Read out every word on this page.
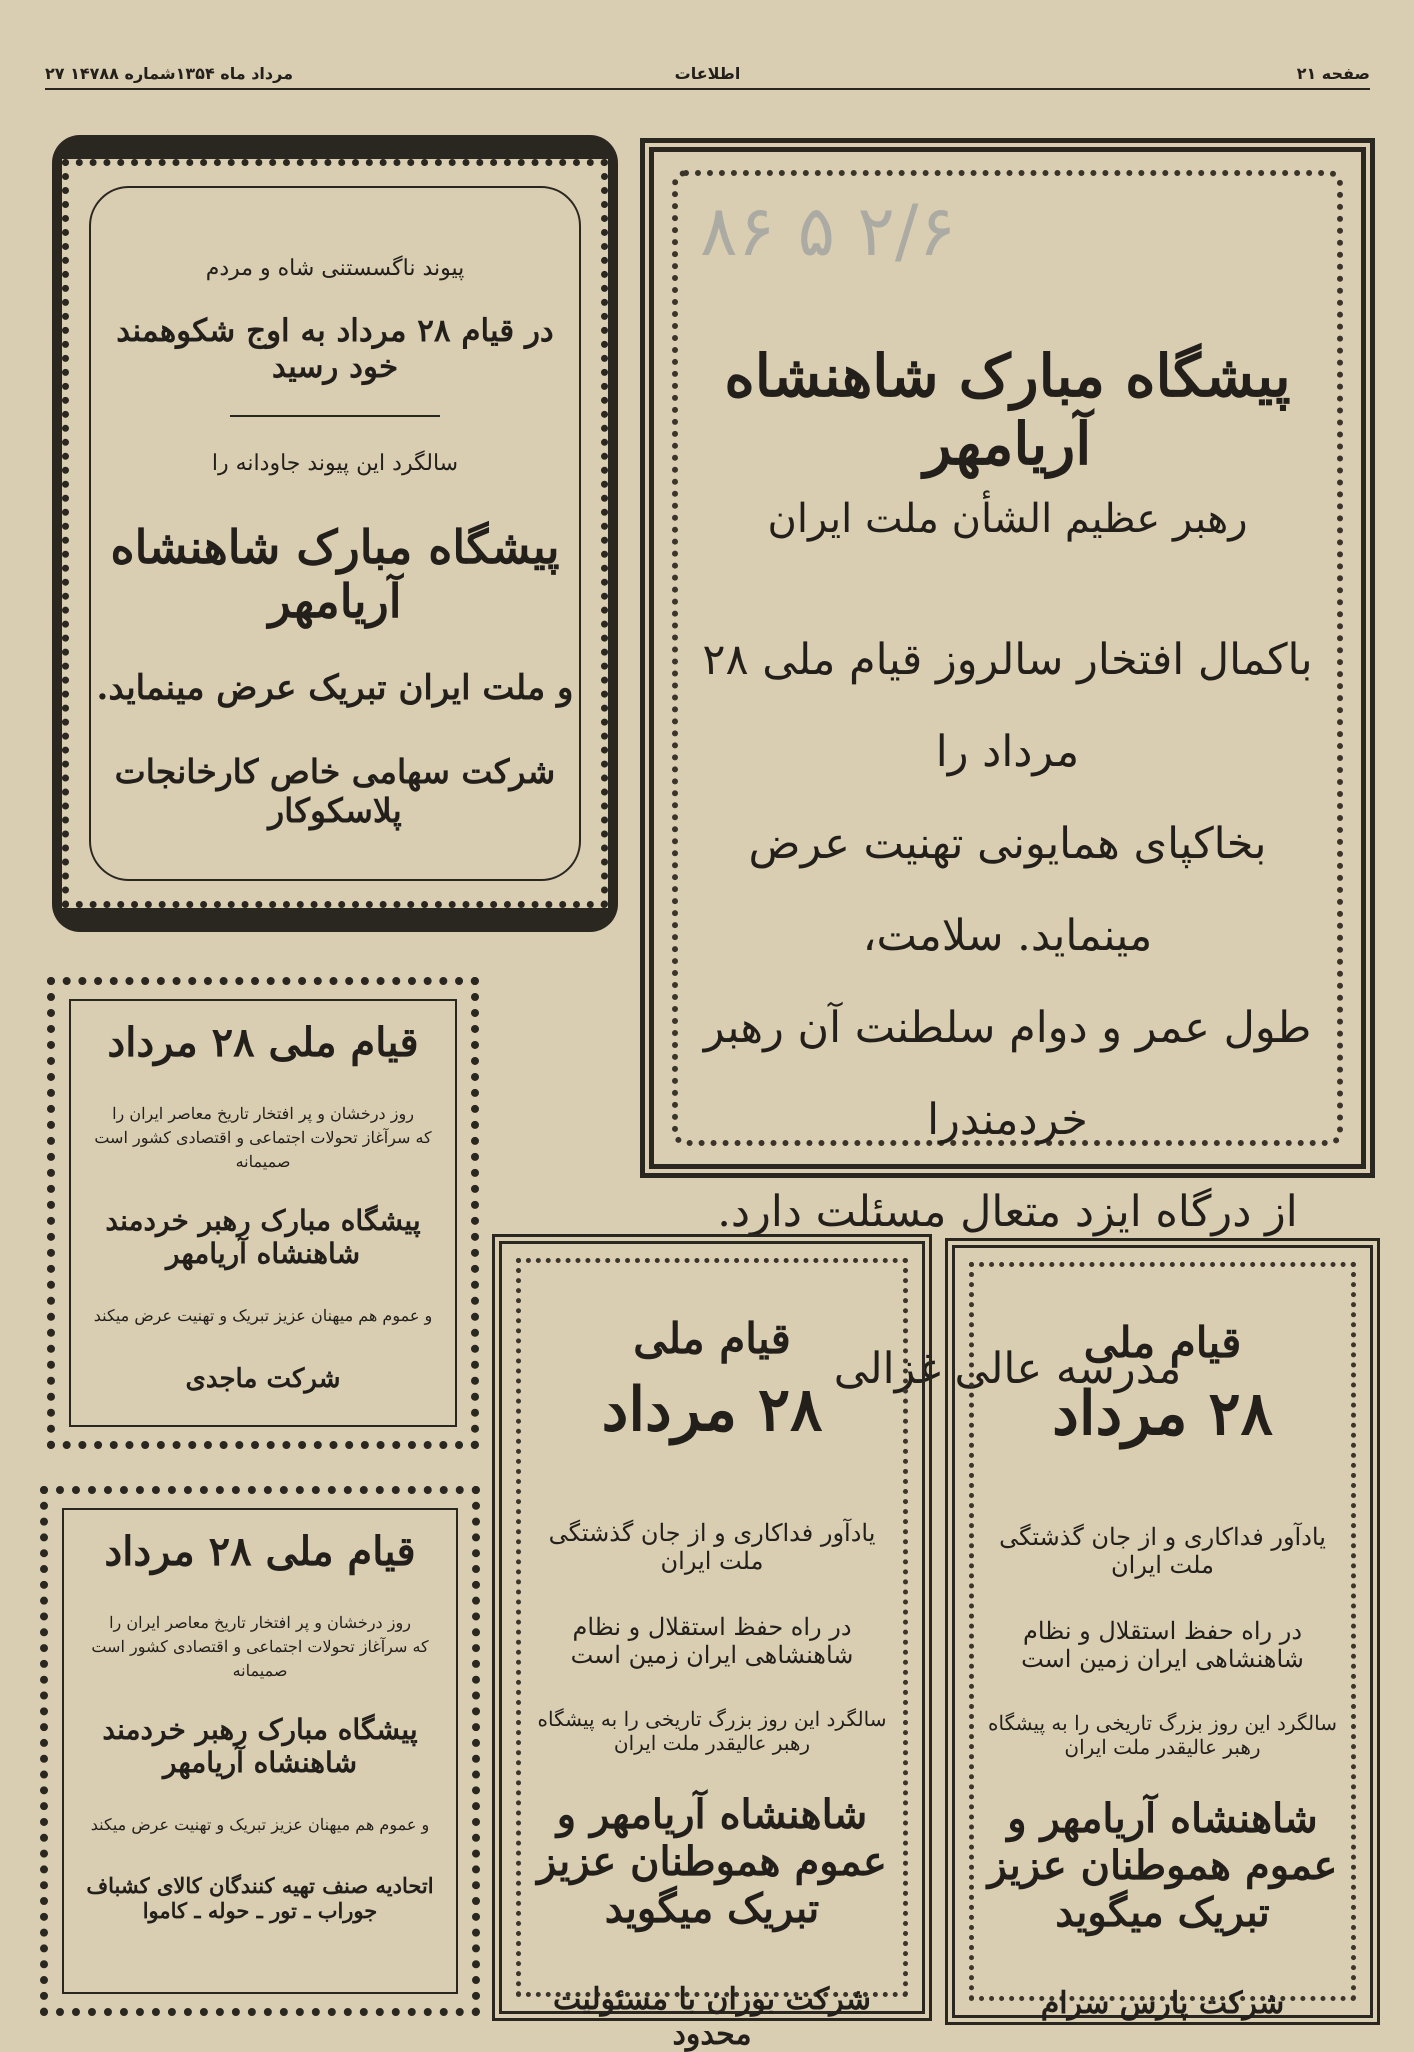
۸۶ ۵ ۲/۶
۲۷ مرداد ماه ۱۳۵۴شماره ۱۴۷۸۸	اطلاعات	صفحه ۲۱

پیشگاه مبارک شاهنشاه آریامهر

رهبر عظیم الشأن ملت ایران

باکمال افتخار سالروز قیام ملی ۲۸ مرداد را

بخاکپای همایونی تهنیت عرض مینماید. سلامت،

طول عمر و دوام سلطنت آن رهبر خردمندرا

از درگاه ایزد متعال مسئلت دارد.

مدرسه عالی غزالی

پیوند ناگسستنی شاه و مردم

در قیام ۲۸ مرداد به اوج شکوهمند خود رسید

سالگرد این پیوند جاودانه را

پیشگاه مبارک شاهنشاه آریامهر

و ملت ایران تبریک عرض مینماید.

شرکت سهامی خاص کارخانجات پلاسکوکار

قیام ملی ۲۸ مرداد

روز درخشان و پر افتخار تاریخ معاصر ایران را

که سرآغاز تحولات اجتماعی و اقتصادی کشور است صمیمانه

پیشگاه مبارک رهبر خردمند شاهنشاه آریامهر

و عموم هم میهنان عزیز تبریک و تهنیت عرض میکند

شرکت ماجدی

قیام ملی ۲۸ مرداد

روز درخشان و پر افتخار تاریخ معاصر ایران را

که سرآغاز تحولات اجتماعی و اقتصادی کشور است صمیمانه

پیشگاه مبارک رهبر خردمند شاهنشاه آریامهر

و عموم هم میهنان عزیز تبریک و تهنیت عرض میکند

اتحادیه صنف تهیه کنندگان کالای کشباف جوراب ـ تور ـ حوله ـ کاموا

قیام ملی

۲۸ مرداد

یادآور فداکاری و از جان گذشتگی ملت ایران

در راه حفظ استقلال و نظام شاهنشاهی ایران زمین است

سالگرد این روز بزرگ تاریخی را به پیشگاه رهبر عالیقدر ملت ایران

شاهنشاه آریامهر و عموم هموطنان عزیز تبریک میگوید

شرکت بوران با مسئولیت محدود

قیام ملی

۲۸ مرداد

یادآور فداکاری و از جان گذشتگی ملت ایران

در راه حفظ استقلال و نظام شاهنشاهی ایران زمین است

سالگرد این روز بزرگ تاریخی را به پیشگاه رهبر عالیقدر ملت ایران

شاهنشاه آریامهر و عموم هموطنان عزیز تبریک میگوید

شرکت پارس سرام
